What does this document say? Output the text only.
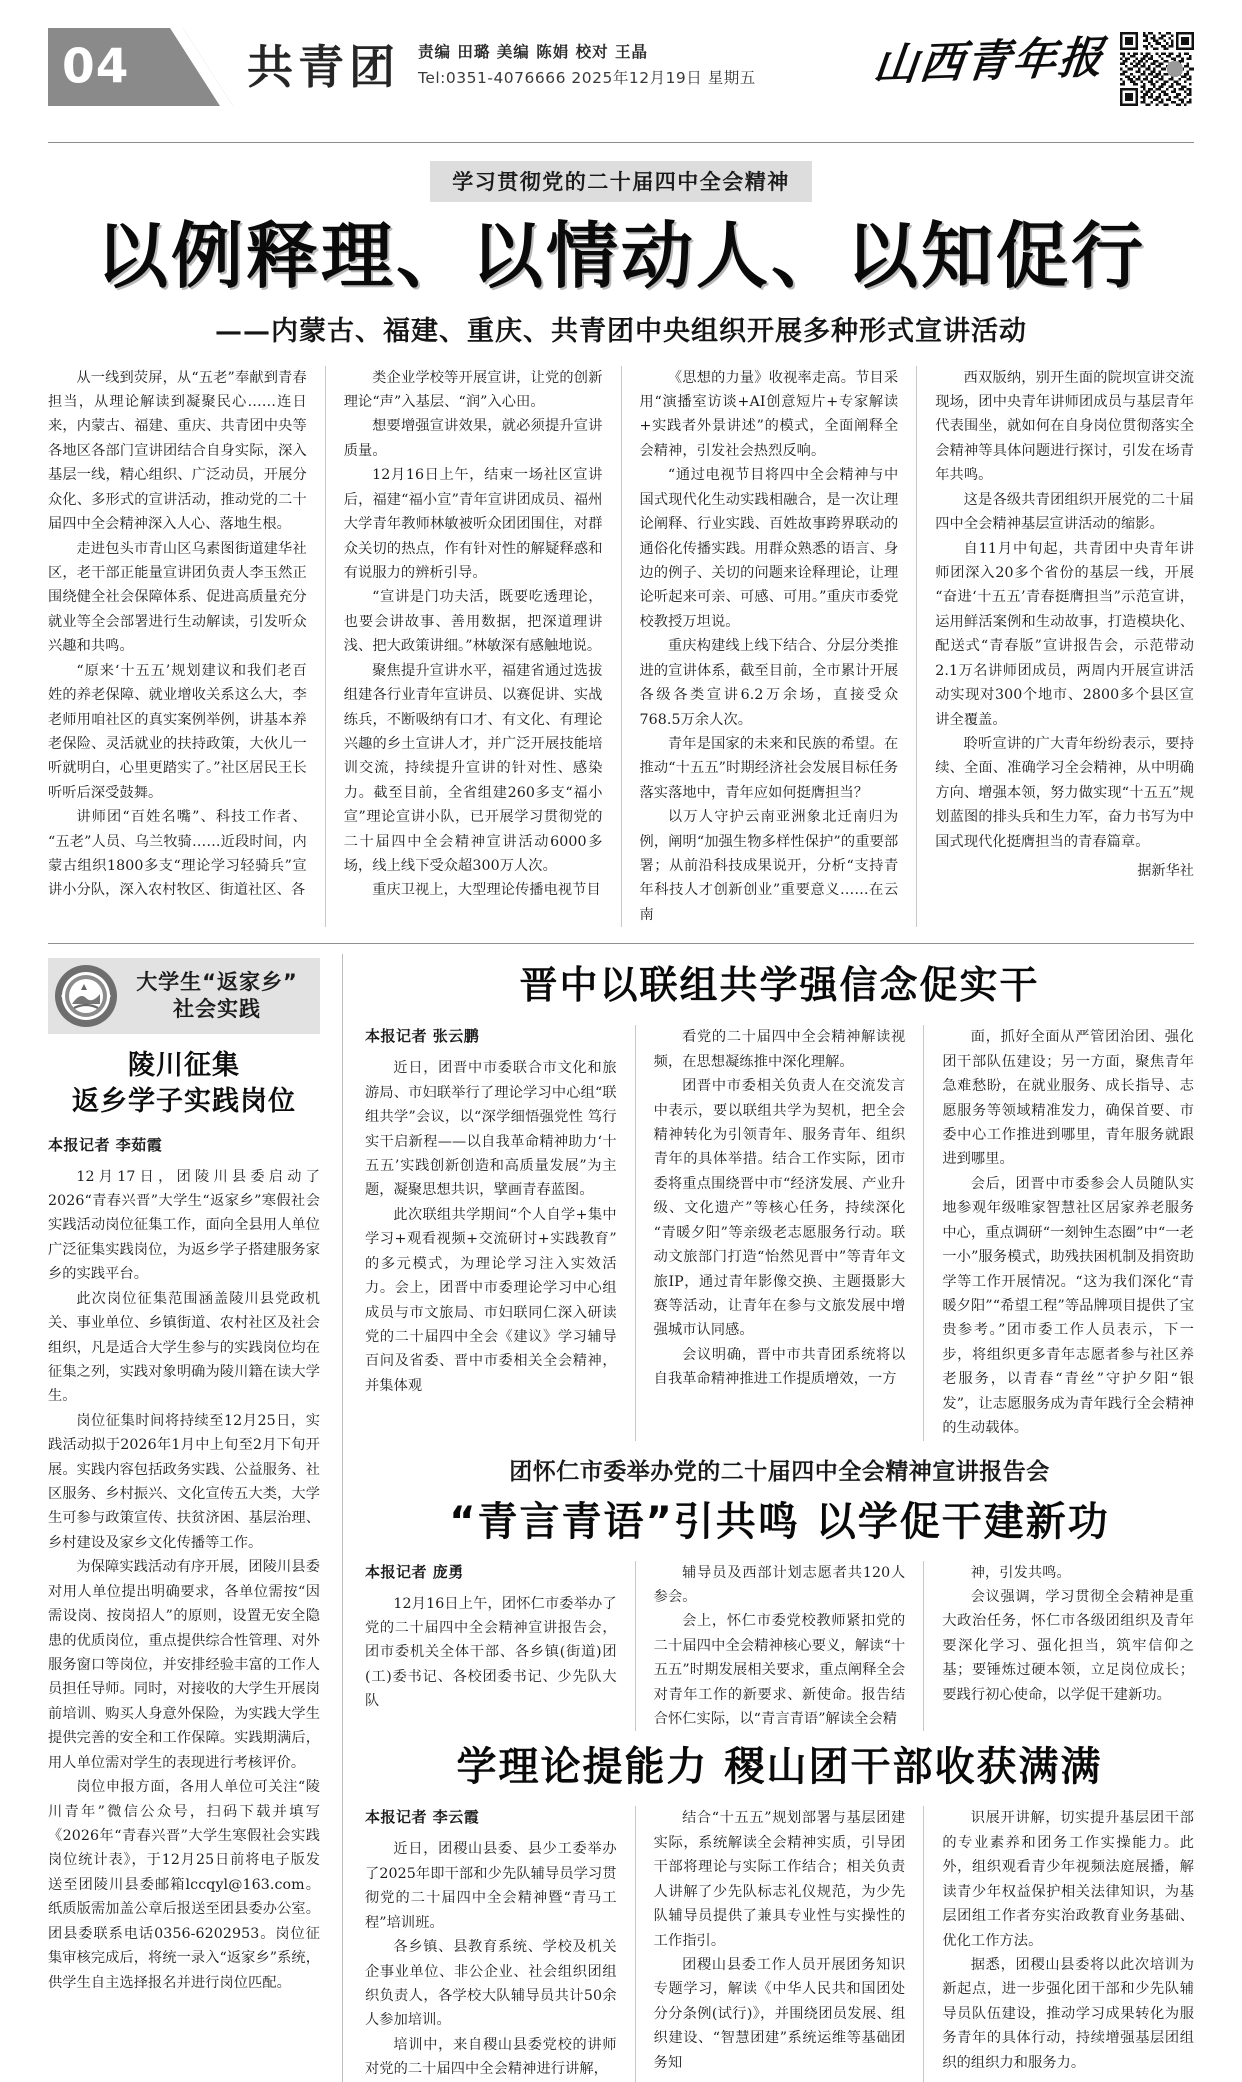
04	共青团 责编 田璐 美编 陈娟 校对 王晶
Tel:0351-4076666 2025年12月19日 星期五	山西青年报
学习贯彻党的二十届四中全会精神
以例释理、以情动人、以知促行
——内蒙古、福建、重庆、共青团中央组织开展多种形式宣讲活动

从一线到荧屏，从“五老”奉献到青春担当，从理论解读到凝聚民心……连日来，内蒙古、福建、重庆、共青团中央等各地区各部门宣讲团结合自身实际，深入基层一线，精心组织、广泛动员，开展分众化、多形式的宣讲活动，推动党的二十届四中全会精神深入人心、落地生根。

走进包头市青山区乌素图街道建华社区，老干部正能量宣讲团负责人李玉然正围绕健全社会保障体系、促进高质量充分就业等全会部署进行生动解读，引发听众兴趣和共鸣。

“原来‘十五五’规划建议和我们老百姓的养老保障、就业增收关系这么大，李老师用咱社区的真实案例举例，讲基本养老保险、灵活就业的扶持政策，大伙儿一听就明白，心里更踏实了。”社区居民王长听听后深受鼓舞。

讲师团“百姓名嘴”、科技工作者、“五老”人员、乌兰牧骑……近段时间，内蒙古组织1800多支“理论学习轻骑兵”宣讲小分队，深入农村牧区、街道社区、各

类企业学校等开展宣讲，让党的创新理论“声”入基层、“润”入心田。

想要增强宣讲效果，就必须提升宣讲质量。

12月16日上午，结束一场社区宣讲后，福建“福小宣”青年宣讲团成员、福州大学青年教师林敏被听众团团围住，对群众关切的热点，作有针对性的解疑释惑和有说服力的辨析引导。

“宣讲是门功夫活，既要吃透理论，也要会讲故事、善用数据，把深道理讲浅、把大政策讲细。”林敏深有感触地说。

聚焦提升宣讲水平，福建省通过选拔组建各行业青年宣讲员、以赛促讲、实战练兵，不断吸纳有口才、有文化、有理论兴趣的乡土宣讲人才，并广泛开展技能培训交流，持续提升宣讲的针对性、感染力。截至目前，全省组建260多支“福小宣”理论宣讲小队，已开展学习贯彻党的二十届四中全会精神宣讲活动6000多场，线上线下受众超300万人次。

重庆卫视上，大型理论传播电视节目

《思想的力量》收视率走高。节目采用“演播室访谈+AI创意短片+专家解读+实践者外景讲述”的模式，全面阐释全会精神，引发社会热烈反响。

“通过电视节目将四中全会精神与中国式现代化生动实践相融合，是一次让理论阐释、行业实践、百姓故事跨界联动的通俗化传播实践。用群众熟悉的语言、身边的例子、关切的问题来诠释理论，让理论听起来可亲、可感、可用。”重庆市委党校教授万坦说。

重庆构建线上线下结合、分层分类推进的宣讲体系，截至目前，全市累计开展各级各类宣讲6.2万余场，直接受众768.5万余人次。

青年是国家的未来和民族的希望。在推动“十五五”时期经济社会发展目标任务落实落地中，青年应如何挺膺担当？

以万人守护云南亚洲象北迁南归为例，阐明“加强生物多样性保护”的重要部署；从前沿科技成果说开，分析“支持青年科技人才创新创业”重要意义……在云南

西双版纳，别开生面的院坝宣讲交流现场，团中央青年讲师团成员与基层青年代表围坐，就如何在自身岗位贯彻落实全会精神等具体问题进行探讨，引发在场青年共鸣。

这是各级共青团组织开展党的二十届四中全会精神基层宣讲活动的缩影。

自11月中旬起，共青团中央青年讲师团深入20多个省份的基层一线，开展“奋进‘十五五’青春挺膺担当”示范宣讲，运用鲜活案例和生动故事，打造模块化、配送式“青春版”宣讲报告会，示范带动2.1万名讲师团成员，两周内开展宣讲活动实现对300个地市、2800多个县区宣讲全覆盖。

聆听宣讲的广大青年纷纷表示，要持续、全面、准确学习全会精神，从中明确方向、增强本领，努力做实现“十五五”规划蓝图的排头兵和生力军，奋力书写为中国式现代化挺膺担当的青春篇章。

据新华社

大学生“返家乡”
社会实践
陵川征集
返乡学子实践岗位
本报记者 李茹霞

12月17日，团陵川县委启动了2026“青春兴晋”大学生“返家乡”寒假社会实践活动岗位征集工作，面向全县用人单位广泛征集实践岗位，为返乡学子搭建服务家乡的实践平台。

此次岗位征集范围涵盖陵川县党政机关、事业单位、乡镇街道、农村社区及社会组织，凡是适合大学生参与的实践岗位均在征集之列，实践对象明确为陵川籍在读大学生。

岗位征集时间将持续至12月25日，实践活动拟于2026年1月中上旬至2月下旬开展。实践内容包括政务实践、公益服务、社区服务、乡村振兴、文化宣传五大类，大学生可参与政策宣传、扶贫济困、基层治理、乡村建设及家乡文化传播等工作。

为保障实践活动有序开展，团陵川县委对用人单位提出明确要求，各单位需按“因需设岗、按岗招人”的原则，设置无安全隐患的优质岗位，重点提供综合性管理、对外服务窗口等岗位，并安排经验丰富的工作人员担任导师。同时，对接收的大学生开展岗前培训、购买人身意外保险，为实践大学生提供完善的安全和工作保障。实践期满后，用人单位需对学生的表现进行考核评价。

岗位申报方面，各用人单位可关注“陵川青年”微信公众号，扫码下载并填写《2026年“青春兴晋”大学生寒假社会实践岗位统计表》，于12月25日前将电子版发送至团陵川县委邮箱lccqyl@163.com。纸质版需加盖公章后报送至团县委办公室。团县委联系电话0356-6202953。岗位征集审核完成后，将统一录入“返家乡”系统，供学生自主选择报名并进行岗位匹配。

晋中以联组共学强信念促实干
本报记者 张云鹏

近日，团晋中市委联合市文化和旅游局、市妇联举行了理论学习中心组“联组共学”会议，以“深学细悟强党性 笃行实干启新程——以自我革命精神助力‘十五五’实践创新创造和高质量发展”为主题，凝聚思想共识，擘画青春蓝图。

此次联组共学期间“个人自学+集中学习+观看视频+交流研讨+实践教育”的多元模式，为理论学习注入实效活力。会上，团晋中市委理论学习中心组成员与市文旅局、市妇联同仁深入研读党的二十届四中全会《建议》学习辅导百问及省委、晋中市委相关全会精神，并集体观

看党的二十届四中全会精神解读视频，在思想凝练推中深化理解。

团晋中市委相关负责人在交流发言中表示，要以联组共学为契机，把全会精神转化为引领青年、服务青年、组织青年的具体举措。结合工作实际，团市委将重点围绕晋中市“经济发展、产业升级、文化遗产”等核心任务，持续深化“青暖夕阳”等亲级老志愿服务行动。联动文旅部门打造“怡然见晋中”等青年文旅IP，通过青年影像交换、主题摄影大赛等活动，让青年在参与文旅发展中增强城市认同感。

会议明确，晋中市共青团系统将以自我革命精神推进工作提质增效，一方

面，抓好全面从严管团治团、强化团干部队伍建设；另一方面，聚焦青年急难愁盼，在就业服务、成长指导、志愿服务等领域精准发力，确保首要、市委中心工作推进到哪里，青年服务就跟进到哪里。

会后，团晋中市委参会人员随队实地参观年级唯家智慧社区居家养老服务中心，重点调研“一刻钟生态圈”中“一老一小”服务模式，助残扶困机制及捐资助学等工作开展情况。“这为我们深化“青暖夕阳”“希望工程”等品牌项目提供了宝贵参考。”团市委工作人员表示，下一步，将组织更多青年志愿者参与社区养老服务，以青春“青丝”守护夕阳“银发”，让志愿服务成为青年践行全会精神的生动载体。

团怀仁市委举办党的二十届四中全会精神宣讲报告会
“青言青语”引共鸣 以学促干建新功
本报记者 庞勇

12月16日上午，团怀仁市委举办了党的二十届四中全会精神宣讲报告会，团市委机关全体干部、各乡镇(街道)团(工)委书记、各校团委书记、少先队大队

辅导员及西部计划志愿者共120人参会。

会上，怀仁市委党校教师紧扣党的二十届四中全会精神核心要义，解读“十五五”时期发展相关要求，重点阐释全会对青年工作的新要求、新使命。报告结合怀仁实际，以“青言青语”解读全会精

神，引发共鸣。

会议强调，学习贯彻全会精神是重大政治任务，怀仁市各级团组织及青年要深化学习、强化担当，筑牢信仰之基；要锤炼过硬本领，立足岗位成长；要践行初心使命，以学促干建新功。

学理论提能力 稷山团干部收获满满
本报记者 李云霞

近日，团稷山县委、县少工委举办了2025年即干部和少先队辅导员学习贯彻党的二十届四中全会精神暨“青马工程”培训班。

各乡镇、县教育系统、学校及机关企事业单位、非公企业、社会组织团组织负责人，各学校大队辅导员共计50余人参加培训。

培训中，来自稷山县委党校的讲师对党的二十届四中全会精神进行讲解，

结合“十五五”规划部署与基层团建实际，系统解读全会精神实质，引导团干部将理论与实际工作结合；相关负责人讲解了少先队标志礼仪规范，为少先队辅导员提供了兼具专业性与实操性的工作指引。

团稷山县委工作人员开展团务知识专题学习，解读《中华人民共和国团处分分条例(试行)》，并围绕团员发展、组织建设、“智慧团建”系统运维等基础团务知

识展开讲解，切实提升基层团干部的专业素养和团务工作实操能力。此外，组织观看青少年视频法庭展播，解读青少年权益保护相关法律知识，为基层团组工作者夯实治政教育业务基础、优化工作方法。

据悉，团稷山县委将以此次培训为新起点，进一步强化团干部和少先队辅导员队伍建设，推动学习成果转化为服务青年的具体行动，持续增强基层团组织的组织力和服务力。
